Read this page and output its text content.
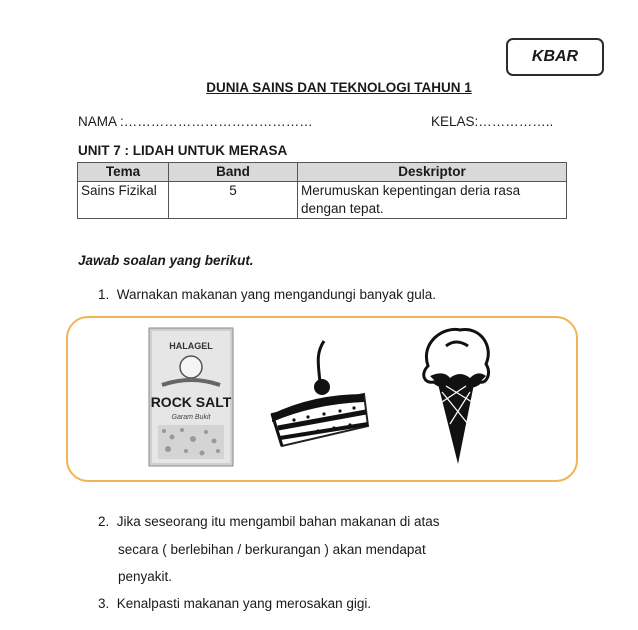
KBAR
DUNIA SAINS DAN TEKNOLOGI TAHUN 1
NAMA :……………………………………	KELAS:……………..
UNIT 7 : LIDAH UNTUK MERASA
Tema	Band	Deskriptor
Sains Fizikal	5	Merumuskan kepentingan deria rasa dengan tepat.
Jawab soalan yang berikut.
1. Warnakan makanan yang mengandungi banyak gula.
HALAGEL
ROCK SALT
Garam Bukit
2. Jika seseorang itu mengambil bahan makanan di atas
secara ( berlebihan / berkurangan ) akan mendapat
penyakit.
3. Kenalpasti makanan yang merosakan gigi.
